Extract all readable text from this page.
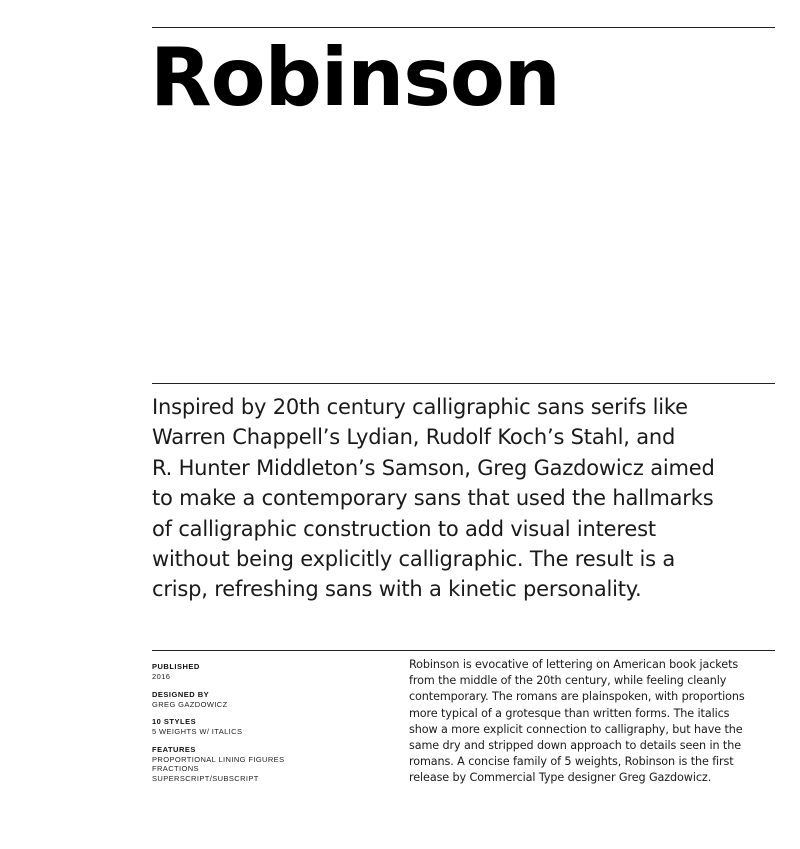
Robinson

Inspired by 20th century calligraphic sans serifs like
Warren Chappell’s Lydian, Rudolf Koch’s Stahl, and
R. Hunter Middleton’s Samson, Greg Gazdowicz aimed
to make a contemporary sans that used the hallmarks
of calligraphic construction to add visual interest
without being explicitly calligraphic. The result is a
crisp, refreshing sans with a kinetic personality.

PUBLISHED
2016
DESIGNED BY
GREG GAZDOWICZ
10 STYLES
5 WEIGHTS W/ ITALICS
FEATURES
PROPORTIONAL LINING FIGURES
FRACTIONS
SUPERSCRIPT/SUBSCRIPT

Robinson is evocative of lettering on American book jackets
from the middle of the 20th century, while feeling cleanly
contemporary. The romans are plainspoken, with proportions
more typical of a grotesque than written forms. The italics
show a more explicit connection to calligraphy, but have the
same dry and stripped down approach to details seen in the
romans. A concise family of 5 weights, Robinson is the first
release by Commercial Type designer Greg Gazdowicz.
